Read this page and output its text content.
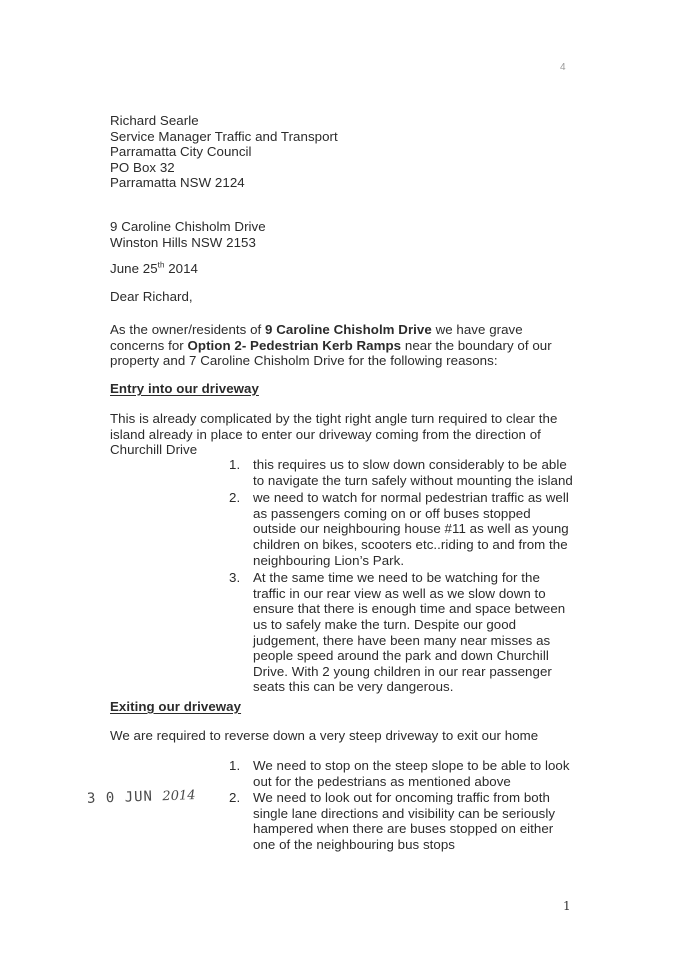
4
Richard Searle
Service Manager Traffic and Transport
Parramatta City Council
PO Box 32
Parramatta NSW 2124
9 Caroline Chisholm Drive
Winston Hills NSW 2153
June 25th 2014
Dear Richard,
As the owner/residents of 9 Caroline Chisholm Drive we have grave
concerns for Option 2- Pedestrian Kerb Ramps near the boundary of our
property and 7 Caroline Chisholm Drive for the following reasons:
Entry into our driveway
This is already complicated by the tight right angle turn required to clear the
island already in place to enter our driveway coming from the direction of
Churchill Drive
1. this requires us to slow down considerably to be able
to navigate the turn safely without mounting the island
2. we need to watch for normal pedestrian traffic as well
as passengers coming on or off buses stopped
outside our neighbouring house #11 as well as young
children on bikes, scooters etc..riding to and from the
neighbouring Lion’s Park.
3. At the same time we need to be watching for the
traffic in our rear view as well as we slow down to
ensure that there is enough time and space between
us to safely make the turn. Despite our good
judgement, there have been many near misses as
people speed around the park and down Churchill
Drive. With 2 young children in our rear passenger
seats this can be very dangerous.
Exiting our driveway
We are required to reverse down a very steep driveway to exit our home
1. We need to stop on the steep slope to be able to look
out for the pedestrians as mentioned above
2. We need to look out for oncoming traffic from both
single lane directions and visibility can be seriously
hampered when there are buses stopped on either
one of the neighbouring bus stops
3 0 JUN 2014
1
